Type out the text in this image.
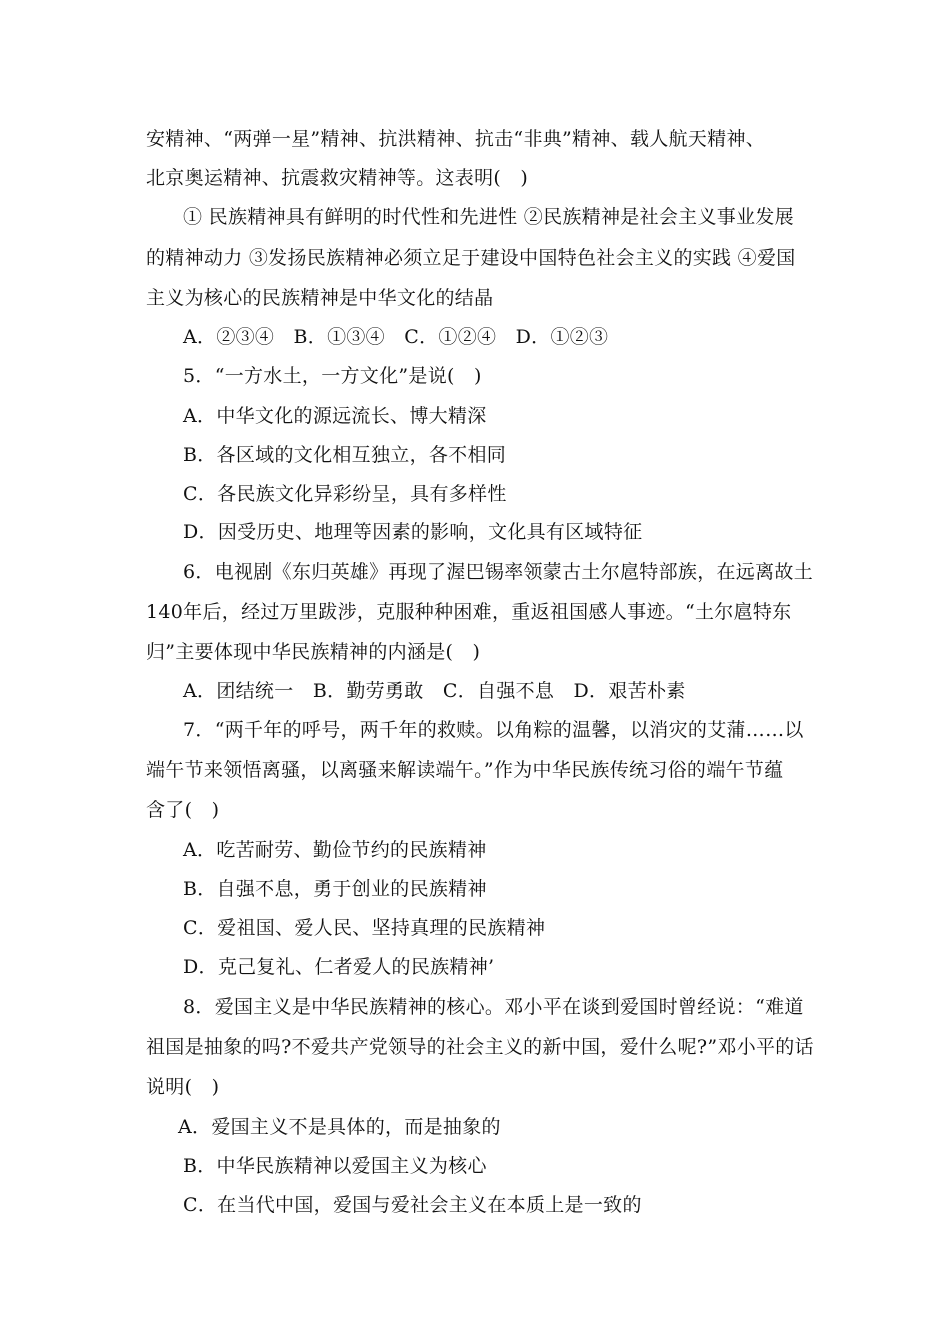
安精神、“两弹一星”精神、抗洪精神、抗击“非典”精神、载人航天精神、
北京奥运精神、抗震救灾精神等。这表明(　)
① 民族精神具有鲜明的时代性和先进性 ②民族精神是社会主义事业发展
的精神动力 ③发扬民族精神必须立足于建设中国特色社会主义的实践 ④爱国
主义为核心的民族精神是中华文化的结晶
A．②③④　B．①③④　C．①②④　D．①②③
5．“一方水土，一方文化”是说(　)
A．中华文化的源远流长、博大精深
B．各区域的文化相互独立，各不相同
C．各民族文化异彩纷呈，具有多样性
D．因受历史、地理等因素的影响，文化具有区域特征
6．电视剧《东归英雄》再现了渥巴锡率领蒙古土尔扈特部族，在远离故土
140年后，经过万里跋涉，克服种种困难，重返祖国感人事迹。“土尔扈特东
归”主要体现中华民族精神的内涵是(　)
A．团结统一　B．勤劳勇敢　C．自强不息　D．艰苦朴素
7．“两千年的呼号，两千年的救赎。以角粽的温馨，以消灾的艾蒲……以
端午节来领悟离骚，以离骚来解读端午。”作为中华民族传统习俗的端午节蕴
含了(　)
A．吃苦耐劳、勤俭节约的民族精神
B．自强不息，勇于创业的民族精神
C．爱祖国、爱人民、坚持真理的民族精神
D．克己复礼、仁者爱人的民族精神’
8．爱国主义是中华民族精神的核心。邓小平在谈到爱国时曾经说：“难道
祖国是抽象的吗?不爱共产党领导的社会主义的新中国，爱什么呢?”邓小平的话
说明(　)
A．爱国主义不是具体的，而是抽象的
B．中华民族精神以爱国主义为核心
C．在当代中国，爱国与爱社会主义在本质上是一致的
